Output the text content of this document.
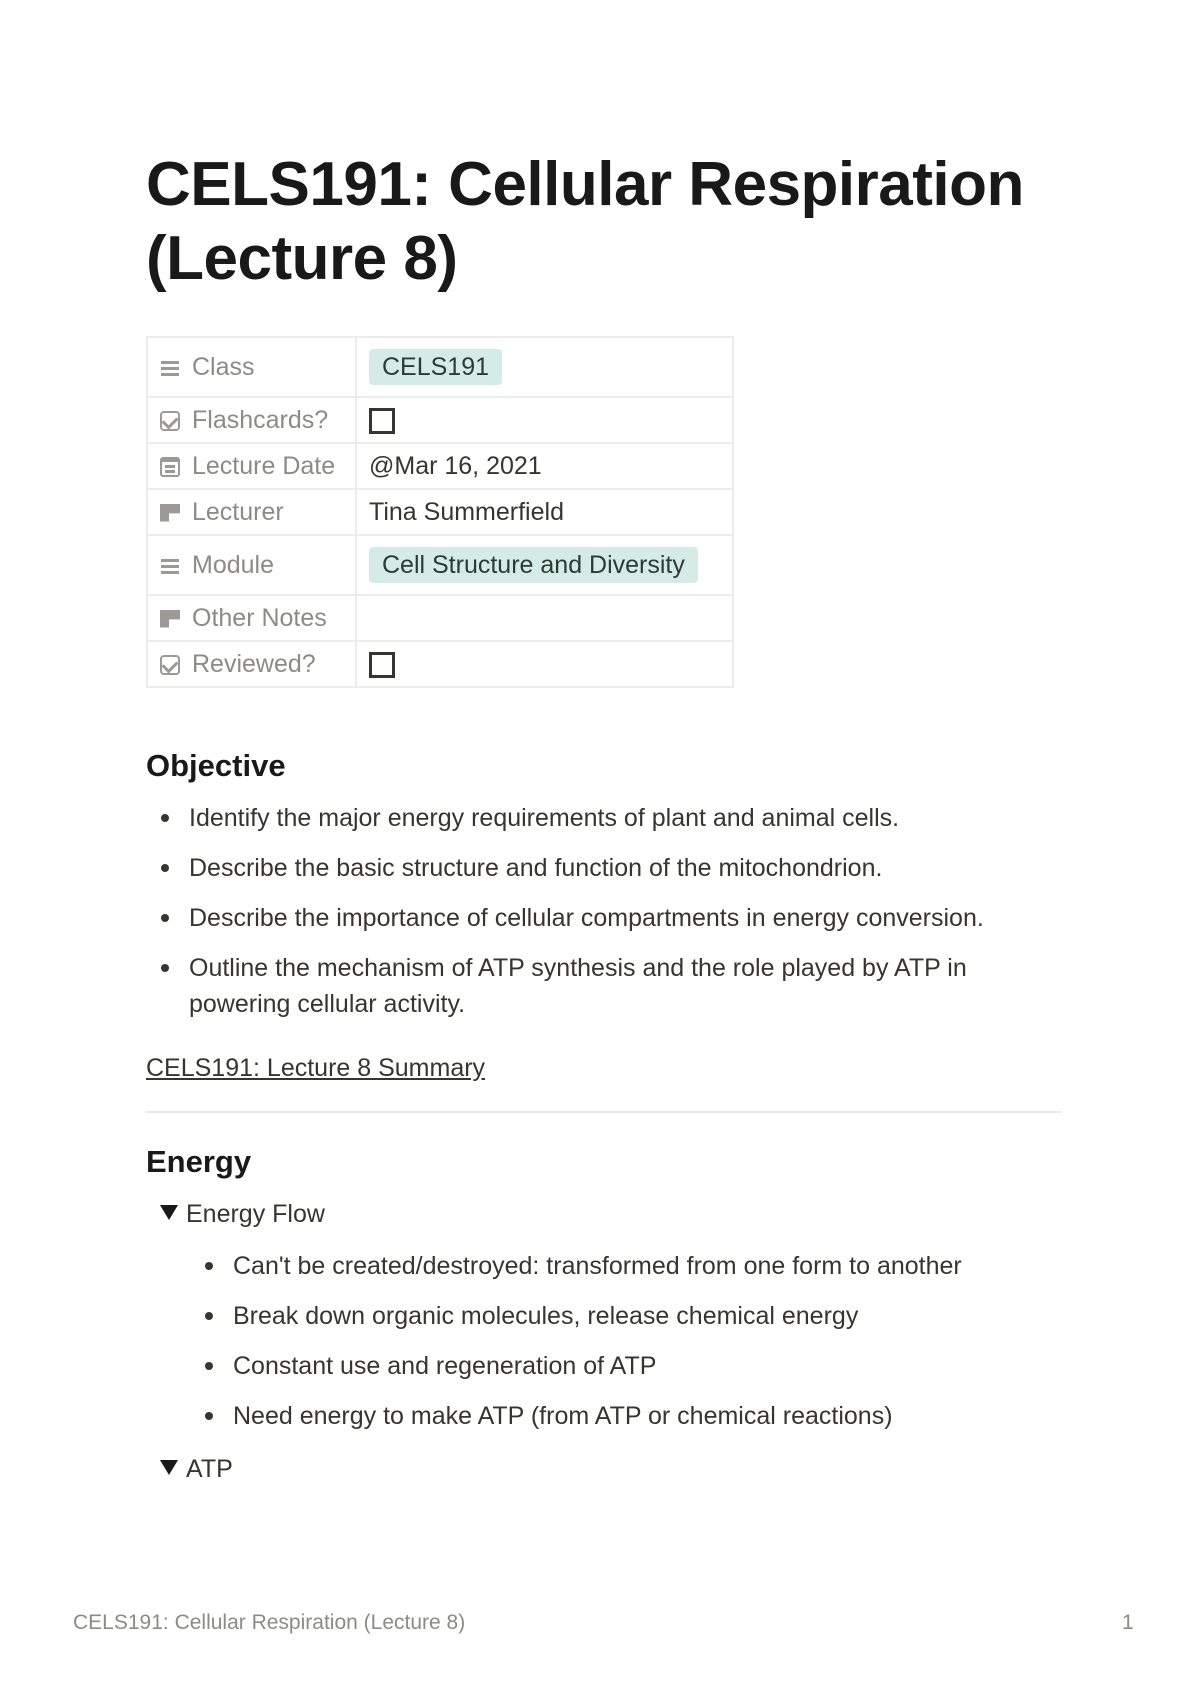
CELS191: Cellular Respiration (Lecture 8)
Class	CELS191
Flashcards?	
Lecture Date	@Mar 16, 2021
Lecturer	Tina Summerfield
Module	Cell Structure and Diversity
Other Notes	
Reviewed?	
Objective
Identify the major energy requirements of plant and animal cells.
Describe the basic structure and function of the mitochondrion.
Describe the importance of cellular compartments in energy conversion.
Outline the mechanism of ATP synthesis and the role played by ATP in powering cellular activity.
CELS191: Lecture 8 Summary
Energy
Energy Flow
Can't be created/destroyed: transformed from one form to another
Break down organic molecules, release chemical energy
Constant use and regeneration of ATP
Need energy to make ATP (from ATP or chemical reactions)
ATP
CELS191: Cellular Respiration (Lecture 8)	1
